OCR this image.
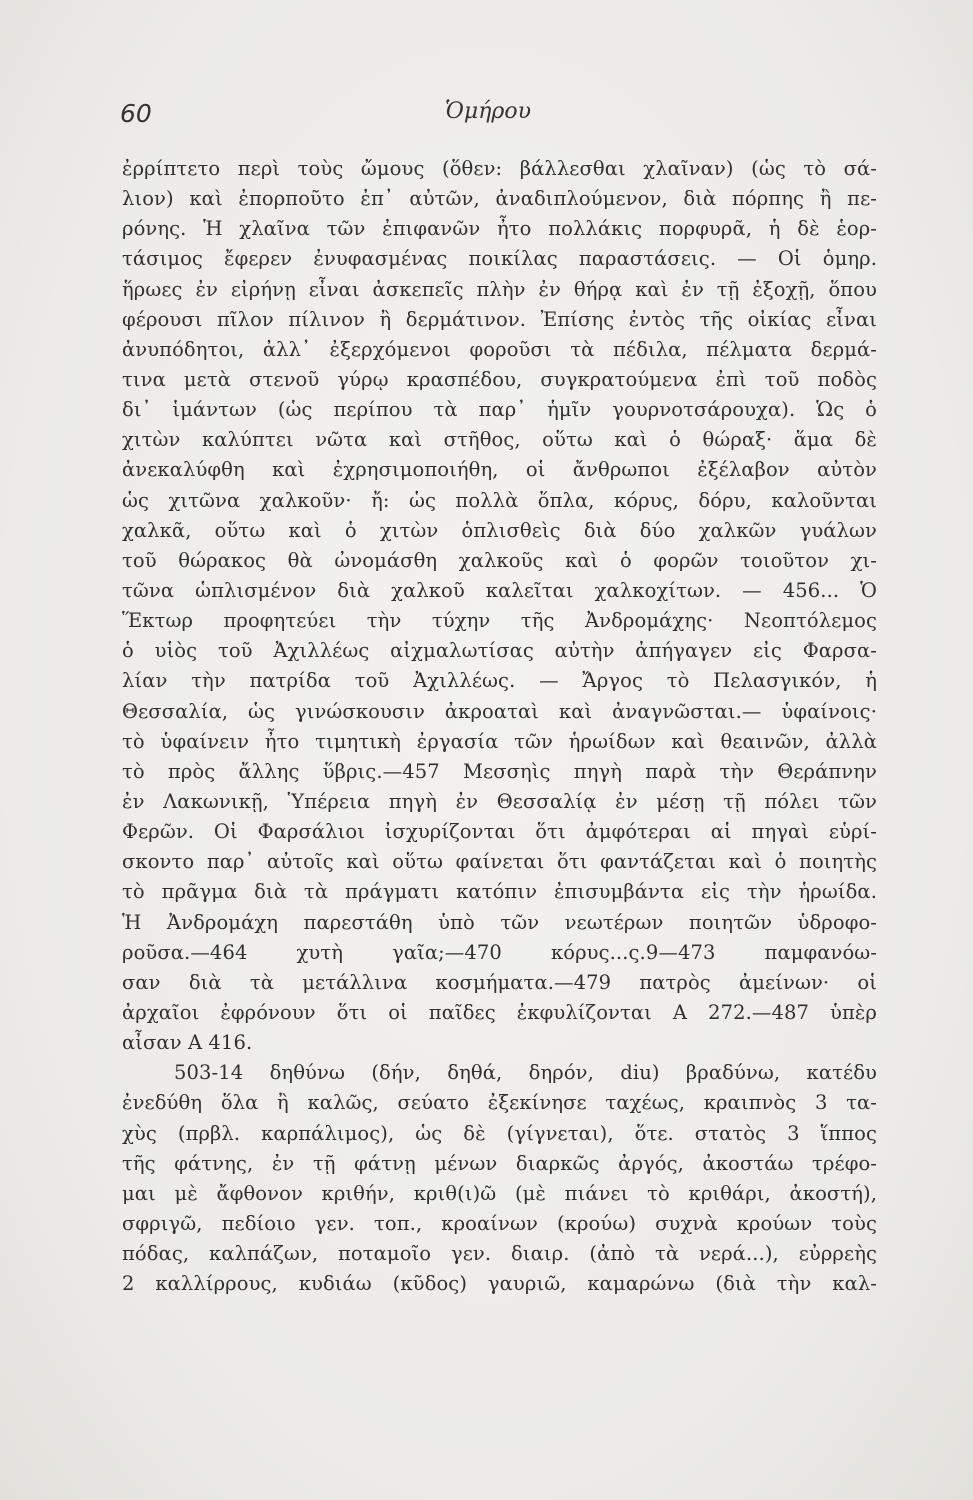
60	Ὁμήρου
ἐρρίπτετο περὶ τοὺς ὤμους (ὅθεν: βάλλεσθαι χλαῖναν) (ὡς τὸ σά-
λιον) καὶ ἐπορποῦτο ἐπ᾽ αὐτῶν, ἀναδιπλούμενον, διὰ πόρπης ἢ πε-
ρόνης. Ἡ χλαῖνα τῶν ἐπιφανῶν ἦτο πολλάκις πορφυρᾶ, ἡ δὲ ἑορ-
τάσιμος ἔφερεν ἐνυφασμένας ποικίλας παραστάσεις. — Οἱ ὁμηρ.
ἥρωες ἐν εἰρήνῃ εἶναι ἀσκεπεῖς πλὴν ἐν θήρᾳ καὶ ἐν τῇ ἐξοχῇ, ὅπου
φέρουσι πῖλον πίλινον ἢ δερμάτινον. Ἐπίσης ἐντὸς τῆς οἰκίας εἶναι
ἀνυπόδητοι, ἀλλ᾽ ἐξερχόμενοι φοροῦσι τὰ πέδιλα, πέλματα δερμά-
τινα μετὰ στενοῦ γύρῳ κρασπέδου, συγκρατούμενα ἐπὶ τοῦ ποδὸς
δι᾽ ἱμάντων (ὡς περίπου τὰ παρ᾽ ἡμῖν γουρνοτσάρουχα). Ὡς ὁ
χιτὼν καλύπτει νῶτα καὶ στῆθος, οὕτω καὶ ὁ θώραξ· ἅμα δὲ
ἀνεκαλύφθη καὶ ἐχρησιμοποιήθη, οἱ ἄνθρωποι ἐξέλαβον αὐτὸν
ὡς χιτῶνα χαλκοῦν· ἤ: ὡς πολλὰ ὅπλα, κόρυς, δόρυ, καλοῦνται
χαλκᾶ, οὕτω καὶ ὁ χιτὼν ὁπλισθεὶς διὰ δύο χαλκῶν γυάλων
τοῦ θώρακος θὰ ὠνομάσθη χαλκοῦς καὶ ὁ φορῶν τοιοῦτον χι-
τῶνα ὡπλισμένον διὰ χαλκοῦ καλεῖται χαλκοχίτων. — 456... Ὁ
Ἕκτωρ προφητεύει τὴν τύχην τῆς Ἀνδρομάχης· Νεοπτόλεμος
ὁ υἱὸς τοῦ Ἀχιλλέως αἰχμαλωτίσας αὐτὴν ἀπήγαγεν εἰς Φαρσα-
λίαν τὴν πατρίδα τοῦ Ἀχιλλέως. — Ἄργος τὸ Πελασγικόν, ἡ
Θεσσαλία, ὡς γινώσκουσιν ἀκροαταὶ καὶ ἀναγνῶσται.— ὑφαίνοις·
τὸ ὑφαίνειν ἦτο τιμητικὴ ἐργασία τῶν ἡρωίδων καὶ θεαινῶν, ἀλλὰ
τὸ πρὸς ἄλλης ὕβρις.—457 Μεσσηὶς πηγὴ παρὰ τὴν Θεράπνην
ἐν Λακωνικῇ, Ὑπέρεια πηγὴ ἐν Θεσσαλίᾳ ἐν μέσῃ τῇ πόλει τῶν
Φερῶν. Οἱ Φαρσάλιοι ἰσχυρίζονται ὅτι ἀμφότεραι αἱ πηγαὶ εὑρί-
σκοντο παρ᾽ αὐτοῖς καὶ οὕτω φαίνεται ὅτι φαντάζεται καὶ ὁ ποιητὴς
τὸ πρᾶγμα διὰ τὰ πράγματι κατόπιν ἐπισυμβάντα εἰς τὴν ἡρωίδα.
Ἡ Ἀνδρομάχη παρεστάθη ὑπὸ τῶν νεωτέρων ποιητῶν ὑδροφο-
ροῦσα.—464 χυτὴ γαῖα;—470 κόρυς...ς.9—473 παμφανόω-
σαν διὰ τὰ μετάλλινα κοσμήματα.—479 πατρὸς ἀμείνων· οἱ
ἀρχαῖοι ἐφρόνουν ὅτι οἱ παῖδες ἐκφυλίζονται Α 272.—487 ὑπὲρ
αἶσαν Α 416.
503-14 δηθύνω (δήν, δηθά, δηρόν, diu) βραδύνω, κατέδυ
ἐνεδύθη ὅλα ἢ καλῶς, σεύατο ἐξεκίνησε ταχέως, κραιπνὸς 3 τα-
χὺς (πρβλ. καρπάλιμος), ὡς δὲ (γίγνεται), ὅτε. στατὸς 3 ἵππος
τῆς φάτνης, ἐν τῇ φάτνῃ μένων διαρκῶς ἀργός, ἀκοστάω τρέφο-
μαι μὲ ἄφθονον κριθήν, κριθ(ι)ῶ (μὲ πιάνει τὸ κριθάρι, ἀκοστή),
σφριγῶ, πεδίοιο γεν. τοπ., κροαίνων (κρούω) συχνὰ κρούων τοὺς
πόδας, καλπάζων, ποταμοῖο γεν. διαιρ. (ἀπὸ τὰ νερά...), εὐρρεὴς
2 καλλίρρους, κυδιάω (κῦδος) γαυριῶ, καμαρώνω (διὰ τὴν καλ-
